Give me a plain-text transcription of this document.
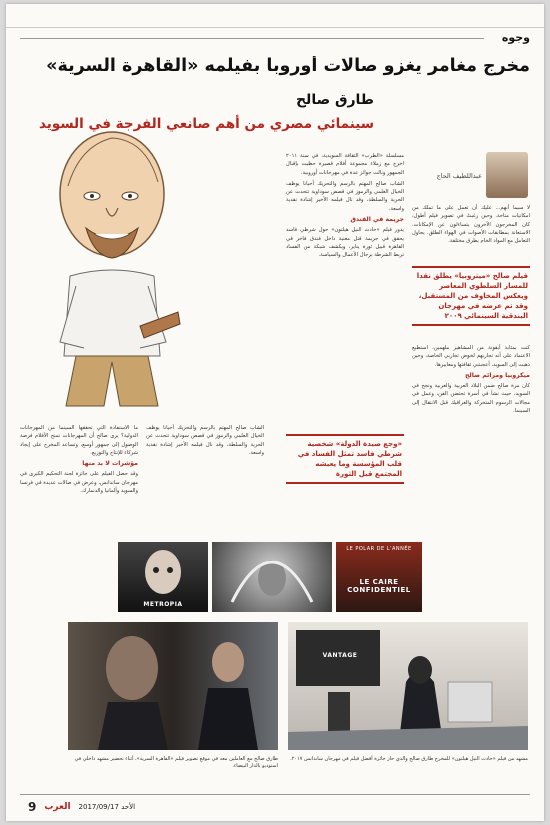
وجوه
مخرج مغامر يغزو صالات أوروبا بفيلمه «القاهرة السرية»
طارق صالح
سينمائي مصري من أهم صانعي الفرجة في السويد
عبداللطيف الحاج

لا سيما أنهم... عليك أن تعمل على ما تملك من امكانيات متاحة. وحين رغبتُ في تصوير فيلم أطول، كان المخرجون الآخرون يتساءلون عن الإمكانات. الاستعانة بمطابقات الأصوات في الهواء الطلق. يحاول التعامل مع المواد الخام بطرق مختلفة.

قيلم صالح «ميتروبيا» يطلق نقدا للمسار السلطوي المعاصر ويعكس المخاوف من المستقبل، وقد تم عرضه في مهرجان البندقية السينمائي ٢٠٠٩

كنت بمثابة أيقونة من المشاهير ملهمين، استطيع الاعتماد على أنه تجاربهم لخوض تجاربي الخاصة، وحين ذهبت إلى السويد، أعجبتني ثقافتها ومعاييرها.

ميكروبيا ومرائم صالح

كان مرة صالح ضمن البلاد العربية والغربية ونجح في السويد، حيث نشأ في أسرة تحتضن الفن، وعمل في مجالات الرسوم المتحركة والغرافيك قبل الانتقال إلى السينما.

مسلسلة «الطرب» الثقافة السويدية، في سنة ٢٠١١ اخرج مع زملاء مجموعة أفلام قصيرة حظيت بإقبال الجمهور ونالت جوائز عدة في مهرجانات أوروبية.

الشاب صالح المهتم بالرسم والتحريك أحيانا يوظف الخيال العلمي والرموز في قصص سوداوية تتحدث عن الحرية والسلطة، وقد نال فيلمه الأخير إشادة نقدية واسعة.

جريمة في الفندق

يدور فيلم «حادث النيل هيلتون» حول شرطي فاسد يحقق في جريمة قتل مغنية داخل فندق فاخر في القاهرة قبيل ثورة يناير، ويكشف شبكة من الفساد تربط الشرطة برجال الأعمال والسياسة.

«وجع صيدة الدولة» شخصية شرطي فاسد تمثل الفساد في قلب المؤسسة وما يعيشه المجتمع قبل الثورة

ما الاستفادة التي تحققها السينما من المهرجانات الدولية؟ يرى صالح أن المهرجانات تمنح الأفلام فرصة الوصول إلى جمهور أوسع، وتساعد المخرج على إيجاد شركاء للإنتاج والتوزيع.

مؤشرات لا بد منها

وقد حصل الفيلم على جائزة لجنة التحكيم الكبرى في مهرجان ساندانس، وعرض في صالات عديدة في فرنسا والسويد وألمانيا والدنمارك.

الشاب صالح المهتم بالرسم والتحريك أحيانا يوظف الخيال العلمي والرموز في قصص سوداوية تتحدث عن الحرية والسلطة، وقد نال فيلمه الأخير إشادة نقدية واسعة.

METROPIA
LE POLAR DE L'ANNÉE
LE CAIRE CONFIDENTIEL
VANTAGE
طارق صالح مع العاملين معه في موقع تصوير فيلم «القاهرة السرية»، أثناء تحضير مشهد داخلي في استوديو بالدار البيضاء.
مشهد من فيلم «حادث النيل هيلتون» للمخرج طارق صالح والذي حاز جائزة أفضل فيلم في مهرجان ساندانس ٢٠١٧.
9 العرب الأحد 2017/09/17
